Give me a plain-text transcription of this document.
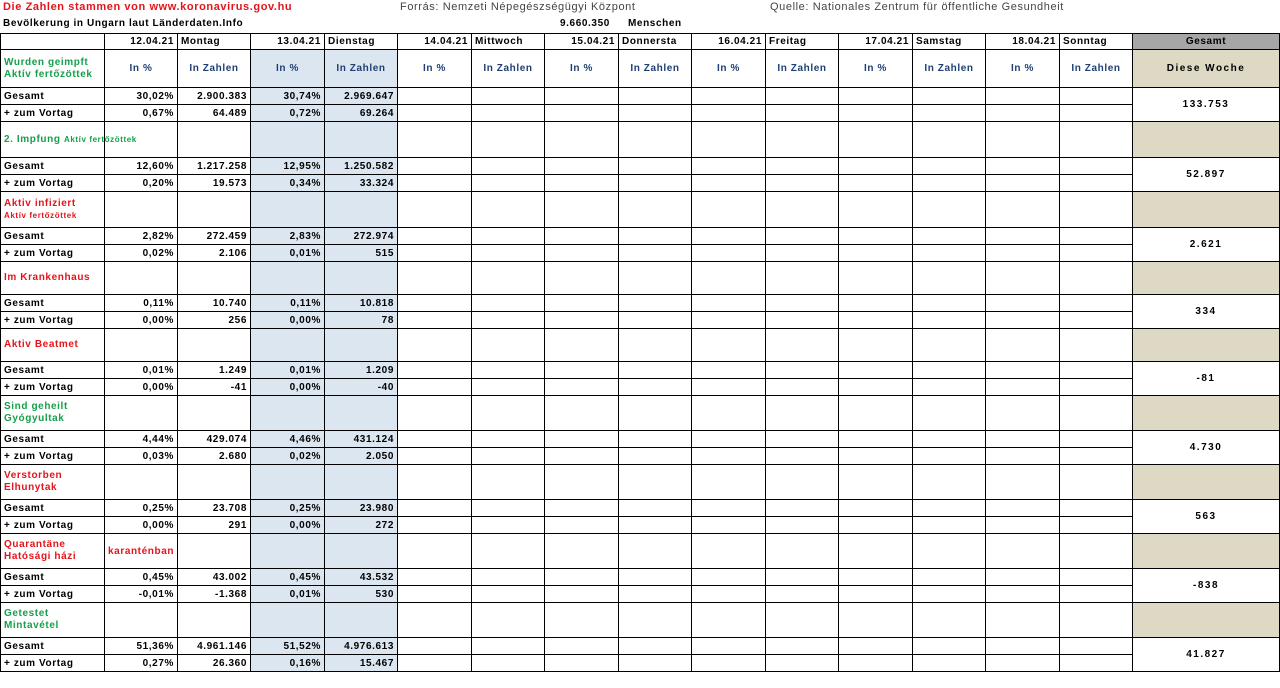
Die Zahlen stammen von www.koronavirus.gov.hu	Forrás: Nemzeti Népegészségügyi Központ	Quelle: Nationales Zentrum für öffentliche Gesundheit
Bevölkerung in Ungarn laut Länderdaten.Info	9.660.350 Menschen
	12.04.21	Montag	13.04.21	Dienstag	14.04.21	Mittwoch	15.04.21	Donnersta	16.04.21	Freitag	17.04.21	Samstag	18.04.21	Sonntag	Gesamt

Wurden geimpft
Aktív fertőzöttek	In %	In Zahlen	In %	In Zahlen	In %	In Zahlen	In %	In Zahlen	In %	In Zahlen	In %	In Zahlen	In %	In Zahlen	Diese Woche
Gesamt	30,02%	2.900.383	30,74%	2.969.647											133.753
+ zum Vortag	0,67%	64.489	0,72%	69.264											
2. Impfung Aktív fertőzöttek															
Gesamt	12,60%	1.217.258	12,95%	1.250.582											52.897
+ zum Vortag	0,20%	19.573	0,34%	33.324											

Aktiv infiziert
Aktív fertőzöttek															

Gesamt	2,82%	272.459	2,83%	272.974											2.621
+ zum Vortag	0,02%	2.106	0,01%	515											

Im Krankenhaus															

Gesamt	0,11%	10.740	0,11%	10.818											334
+ zum Vortag	0,00%	256	0,00%	78											

Aktiv Beatmet															

Gesamt	0,01%	1.249	0,01%	1.209											-81
+ zum Vortag	0,00%	-41	0,00%	-40											

Sind geheilt
Gyógyultak															

Gesamt	4,44%	429.074	4,46%	431.124											4.730
+ zum Vortag	0,03%	2.680	0,02%	2.050											

Verstorben
Elhunytak															

Gesamt	0,25%	23.708	0,25%	23.980											563
+ zum Vortag	0,00%	291	0,00%	272											

Quarantäne
Hatósági házi	karanténban														
Gesamt	0,45%	43.002	0,45%	43.532											-838
+ zum Vortag	-0,01%	-1.368	0,01%	530											

Getestet
Mintavétel															

Gesamt	51,36%	4.961.146	51,52%	4.976.613											41.827
+ zum Vortag	0,27%	26.360	0,16%	15.467											
